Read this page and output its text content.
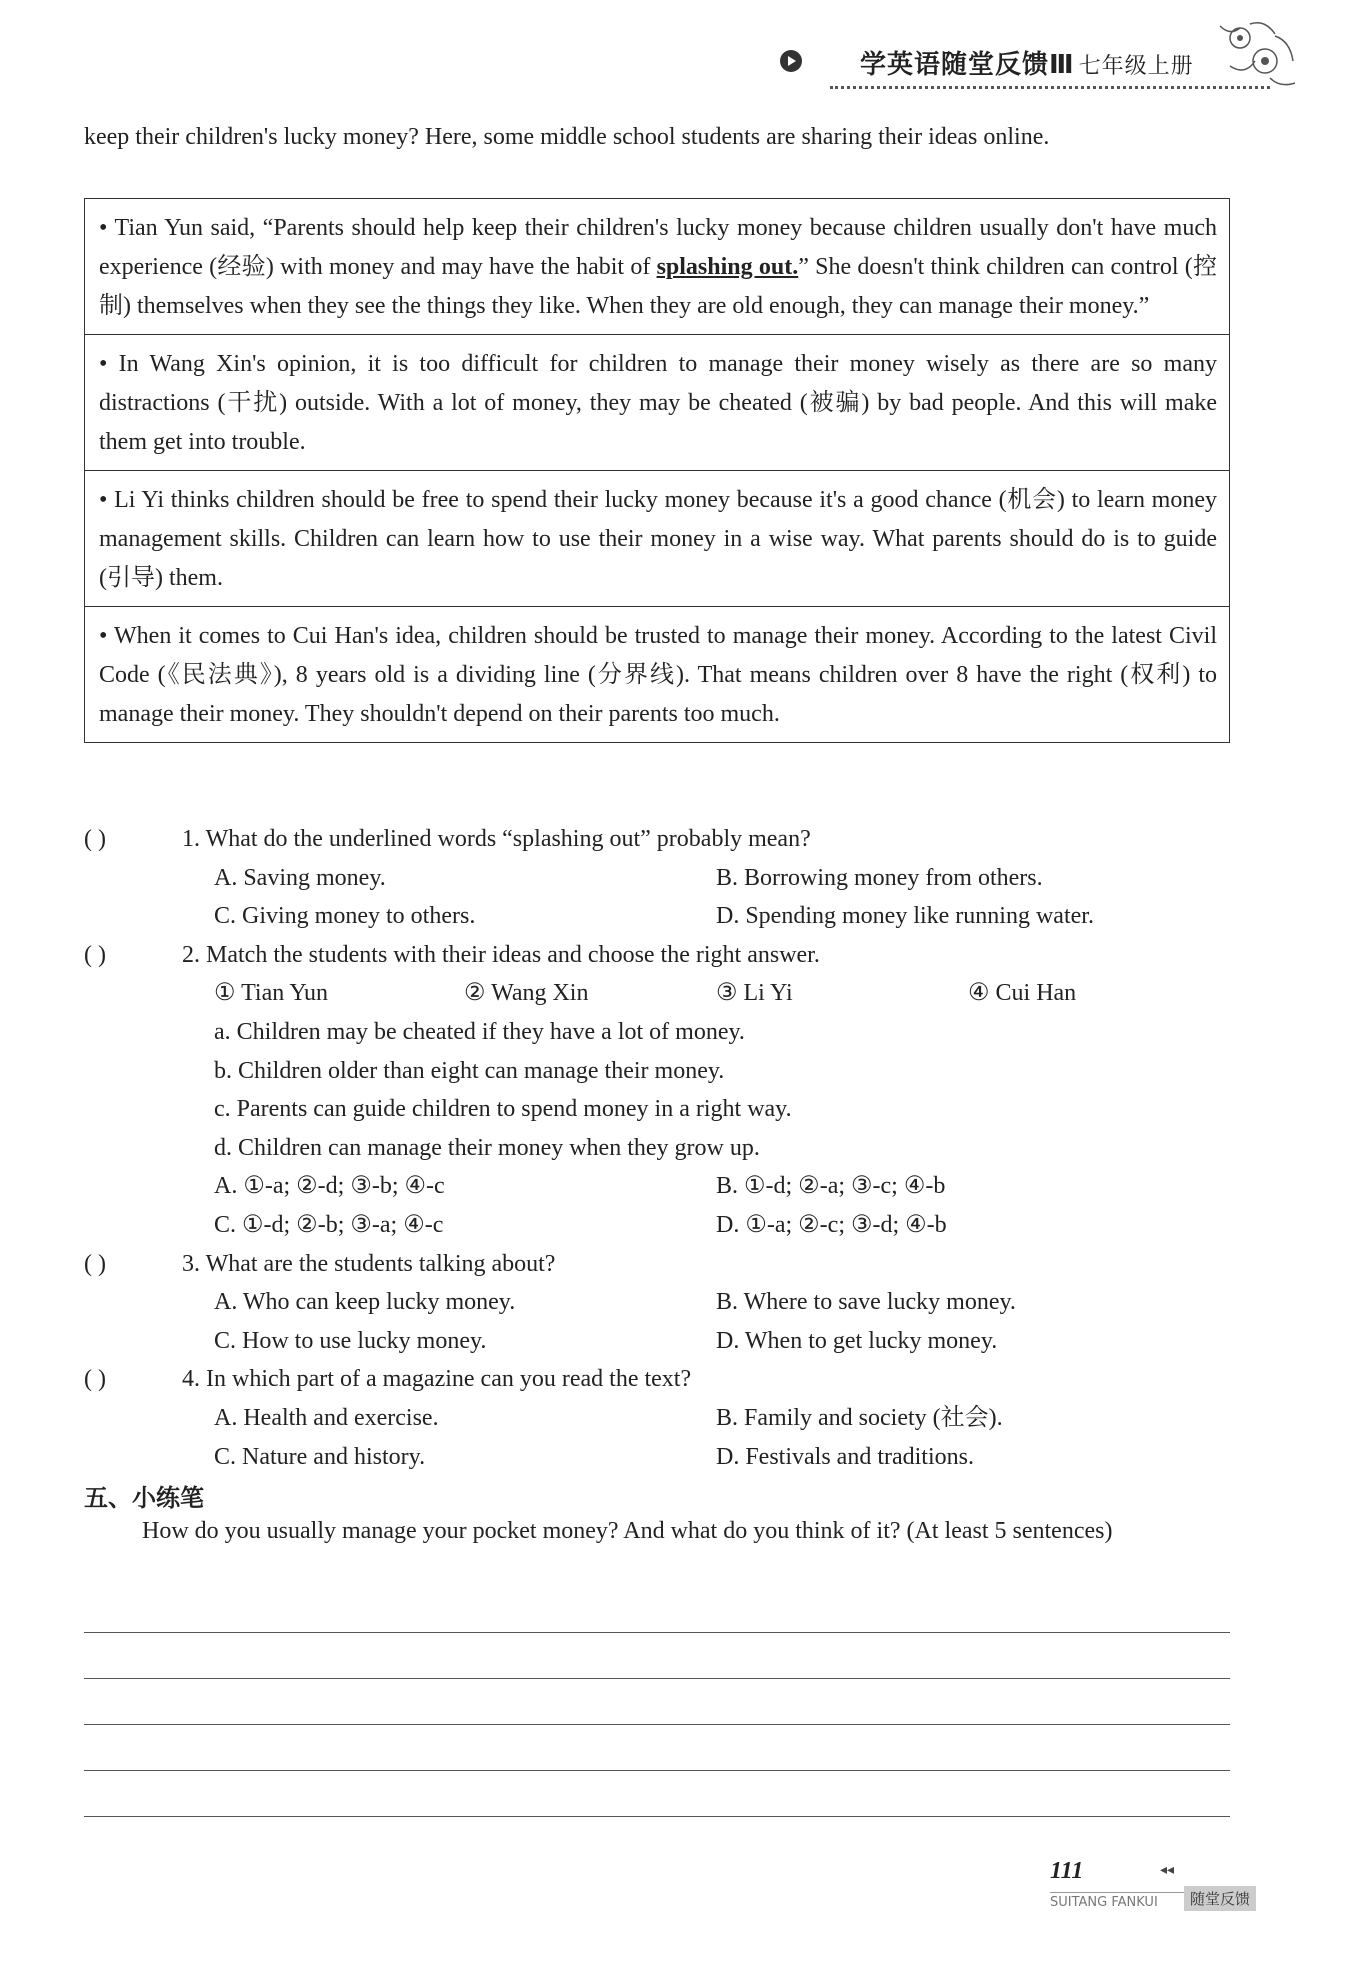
学英语随堂反馈Ⅲ 七年级上册
keep their children's lucky money? Here, some middle school students are sharing their ideas online.
• Tian Yun said, “Parents should help keep their children's lucky money because children usually don't have much experience (经验) with money and may have the habit of splashing out.” She doesn't think children can control (控制) themselves when they see the things they like. When they are old enough, they can manage their money.”
• In Wang Xin's opinion, it is too difficult for children to manage their money wisely as there are so many distractions (干扰) outside. With a lot of money, they may be cheated (被骗) by bad people. And this will make them get into trouble.
• Li Yi thinks children should be free to spend their lucky money because it's a good chance (机会) to learn money management skills. Children can learn how to use their money in a wise way. What parents should do is to guide (引导) them.
• When it comes to Cui Han's idea, children should be trusted to manage their money. According to the latest Civil Code (《民法典》), 8 years old is a dividing line (分界线). That means children over 8 have the right (权利) to manage their money. They shouldn't depend on their parents too much.
( )	1. What do the underlined words “splashing out” probably mean?
A. Saving money.	B. Borrowing money from others.
C. Giving money to others.	D. Spending money like running water.
( )	2. Match the students with their ideas and choose the right answer.
① Tian Yun	② Wang Xin	③ Li Yi	④ Cui Han
a. Children may be cheated if they have a lot of money.
b. Children older than eight can manage their money.
c. Parents can guide children to spend money in a right way.
d. Children can manage their money when they grow up.
A. ①-a; ②-d; ③-b; ④-c	B. ①-d; ②-a; ③-c; ④-b
C. ①-d; ②-b; ③-a; ④-c	D. ①-a; ②-c; ③-d; ④-b
( )	3. What are the students talking about?
A. Who can keep lucky money.	B. Where to save lucky money.
C. How to use lucky money.	D. When to get lucky money.
( )	4. In which part of a magazine can you read the text?
A. Health and exercise.	B. Family and society (社会).
C. Nature and history.	D. Festivals and traditions.
五、小练笔
How do you usually manage your pocket money? And what do you think of it? (At least 5 sentences)
111	◂◂
SUITANG FANKUI	随堂反馈
